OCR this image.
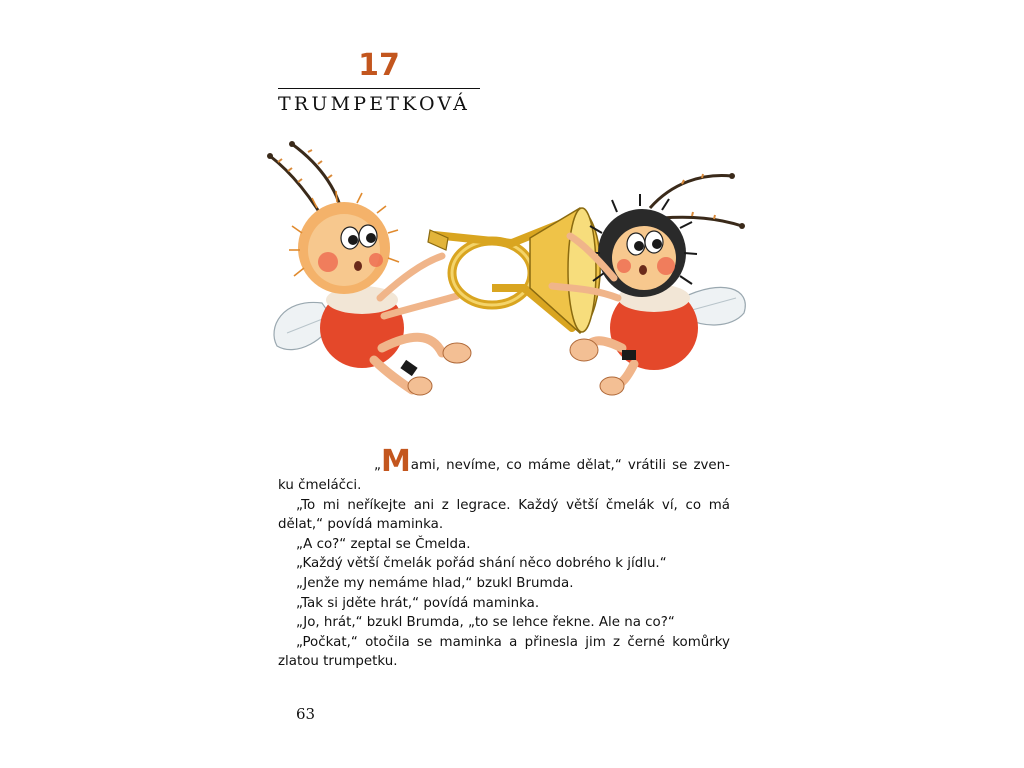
17
TRUMPETKOVÁ
„Mami, nevíme, co máme dělat,“ vrátili se zven-
ku čmeláčci.
„To mi neříkejte ani z legrace. Každý větší čmelák ví, co má
dělat,“ povídá maminka.
„A co?“ zeptal se Čmelda.
„Každý větší čmelák pořád shání něco dobrého k jídlu.“
„Jenže my nemáme hlad,“ bzukl Brumda.
„Tak si jděte hrát,“ povídá maminka.
„Jo, hrát,“ bzukl Brumda, „to se lehce řekne. Ale na co?“
„Počkat,“ otočila se maminka a přinesla jim z černé komůrky
zlatou trumpetku.
63
